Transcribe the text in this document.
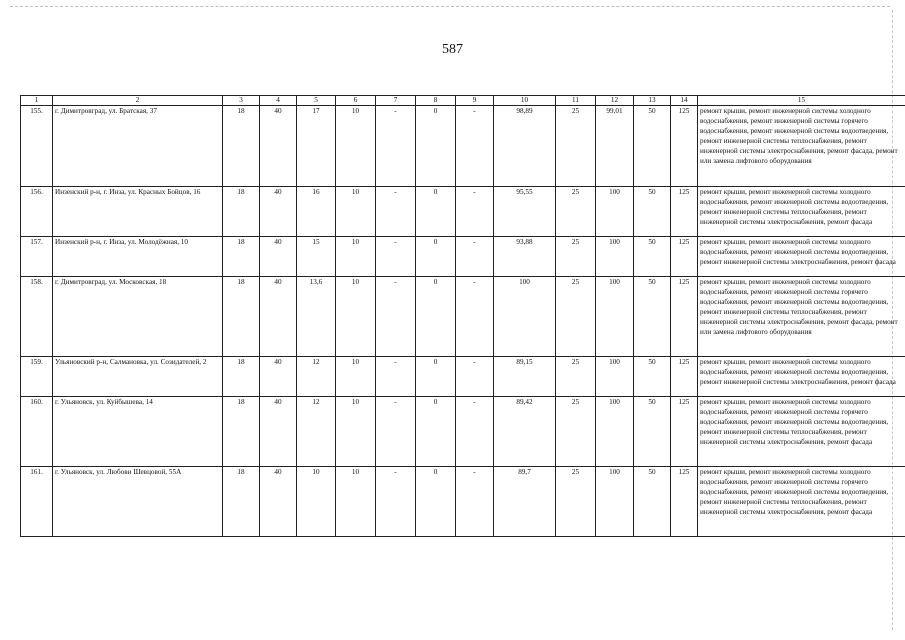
587
1	2	3	4	5	6	7	8	9	10	11	12	13	14	15
155.	г. Димитровград, ул. Братская, 37	18	40	17	10	-	0	-	98,89	25	99,01	50	125	ремонт крыши, ремонт инженерной системы холодного водоснабжения, ремонт инженерной системы горячего водоснабжения, ремонт инженерной системы водоотведения, ремонт инженерной системы теплоснабжения, ремонт инженерной системы электроснабжения, ремонт фасада, ремонт или замена лифтового оборудования
156.	Инзенский р-н, г. Инза, ул. Красных Бойцов, 16	18	40	16	10	-	0	-	95,55	25	100	50	125	ремонт крыши, ремонт инженерной системы холодного водоснабжения, ремонт инженерной системы водоотведения, ремонт инженерной системы теплоснабжения, ремонт инженерной системы электроснабжения, ремонт фасада
157.	Инзенский р-н, г. Инза, ул. Молодёжная, 10	18	40	15	10	-	0	-	93,88	25	100	50	125	ремонт крыши, ремонт инженерной системы холодного водоснабжения, ремонт инженерной системы водоотведения, ремонт инженерной системы электроснабжения, ремонт фасада
158.	г. Димитровград, ул. Московская, 18	18	40	13,6	10	-	0	-	100	25	100	50	125	ремонт крыши, ремонт инженерной системы холодного водоснабжения, ремонт инженерной системы горячего водоснабжения, ремонт инженерной системы водоотведения, ремонт инженерной системы теплоснабжения, ремонт инженерной системы электроснабжения, ремонт фасада, ремонт или замена лифтового оборудования
159.	Ульяновский р-н, Салмановка, ул. Созидателей, 2	18	40	12	10	-	0	-	89,15	25	100	50	125	ремонт крыши, ремонт инженерной системы холодного водоснабжения, ремонт инженерной системы водоотведения, ремонт инженерной системы электроснабжения, ремонт фасада
160.	г. Ульяновск, ул. Куйбышева, 14	18	40	12	10	-	0	-	89,42	25	100	50	125	ремонт крыши, ремонт инженерной системы холодного водоснабжения, ремонт инженерной системы горячего водоснабжения, ремонт инженерной системы водоотведения, ремонт инженерной системы теплоснабжения, ремонт инженерной системы электроснабжения, ремонт фасада
161.	г. Ульяновск, ул. Любови Шевцовой, 55А	18	40	10	10	-	0	-	89,7	25	100	50	125	ремонт крыши, ремонт инженерной системы холодного водоснабжения, ремонт инженерной системы горячего водоснабжения, ремонт инженерной системы водоотведения, ремонт инженерной системы теплоснабжения, ремонт инженерной системы электроснабжения, ремонт фасада
